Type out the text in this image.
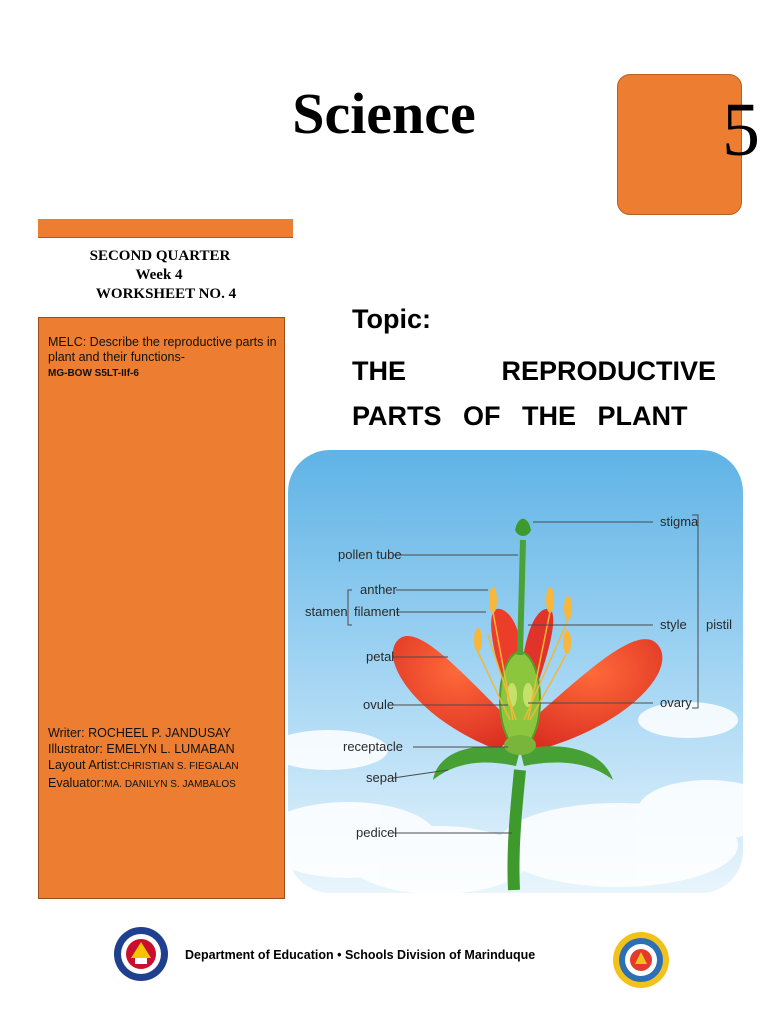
Science	5
SECOND QUARTER
Week 4
WORKSHEET NO. 4
MELC: Describe the reproductive parts in plant and their functions-
MG-BOW S5LT-IIf-6
Writer: ROCHEEL P. JANDUSAY
Illustrator: EMELYN L. LUMABAN
Layout Artist:CHRISTIAN S. FIEGALAN
Evaluator:MA. DANILYN S. JAMBALOS
Topic:
THE	REPRODUCTIVE
PARTS OF THE PLANT
pollen tube
anther
filament
stamen
petal
ovule
receptacle
sepal
pedicel
stigma
style
ovary
pistil
Department of Education • Schools Division of Marinduque
